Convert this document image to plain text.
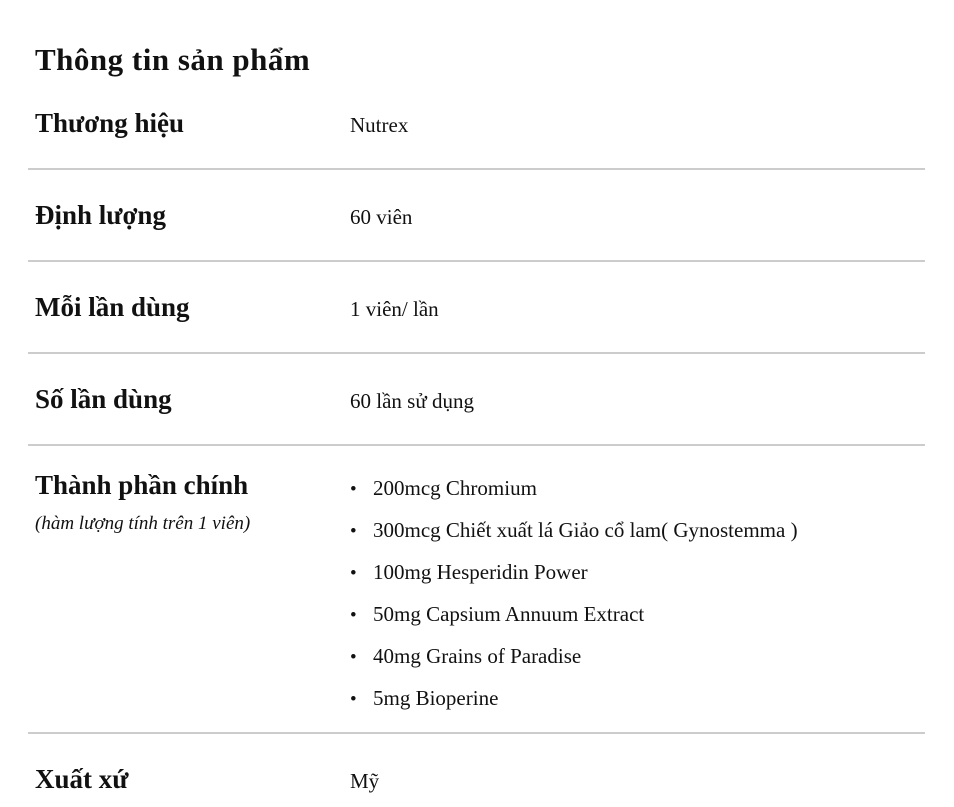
Thông tin sản phẩm
Thương hiệu	Nutrex
Định lượng	60 viên
Mỗi lần dùng	1 viên/ lần
Số lần dùng	60 lần sử dụng
Thành phần chính
(hàm lượng tính trên 1 viên)
• 200mcg Chromium
• 300mcg Chiết xuất lá Giảo cổ lam( Gynostemma )
• 100mg Hesperidin Power
• 50mg Capsium Annuum Extract
• 40mg Grains of Paradise
• 5mg Bioperine
Xuất xứ	Mỹ
